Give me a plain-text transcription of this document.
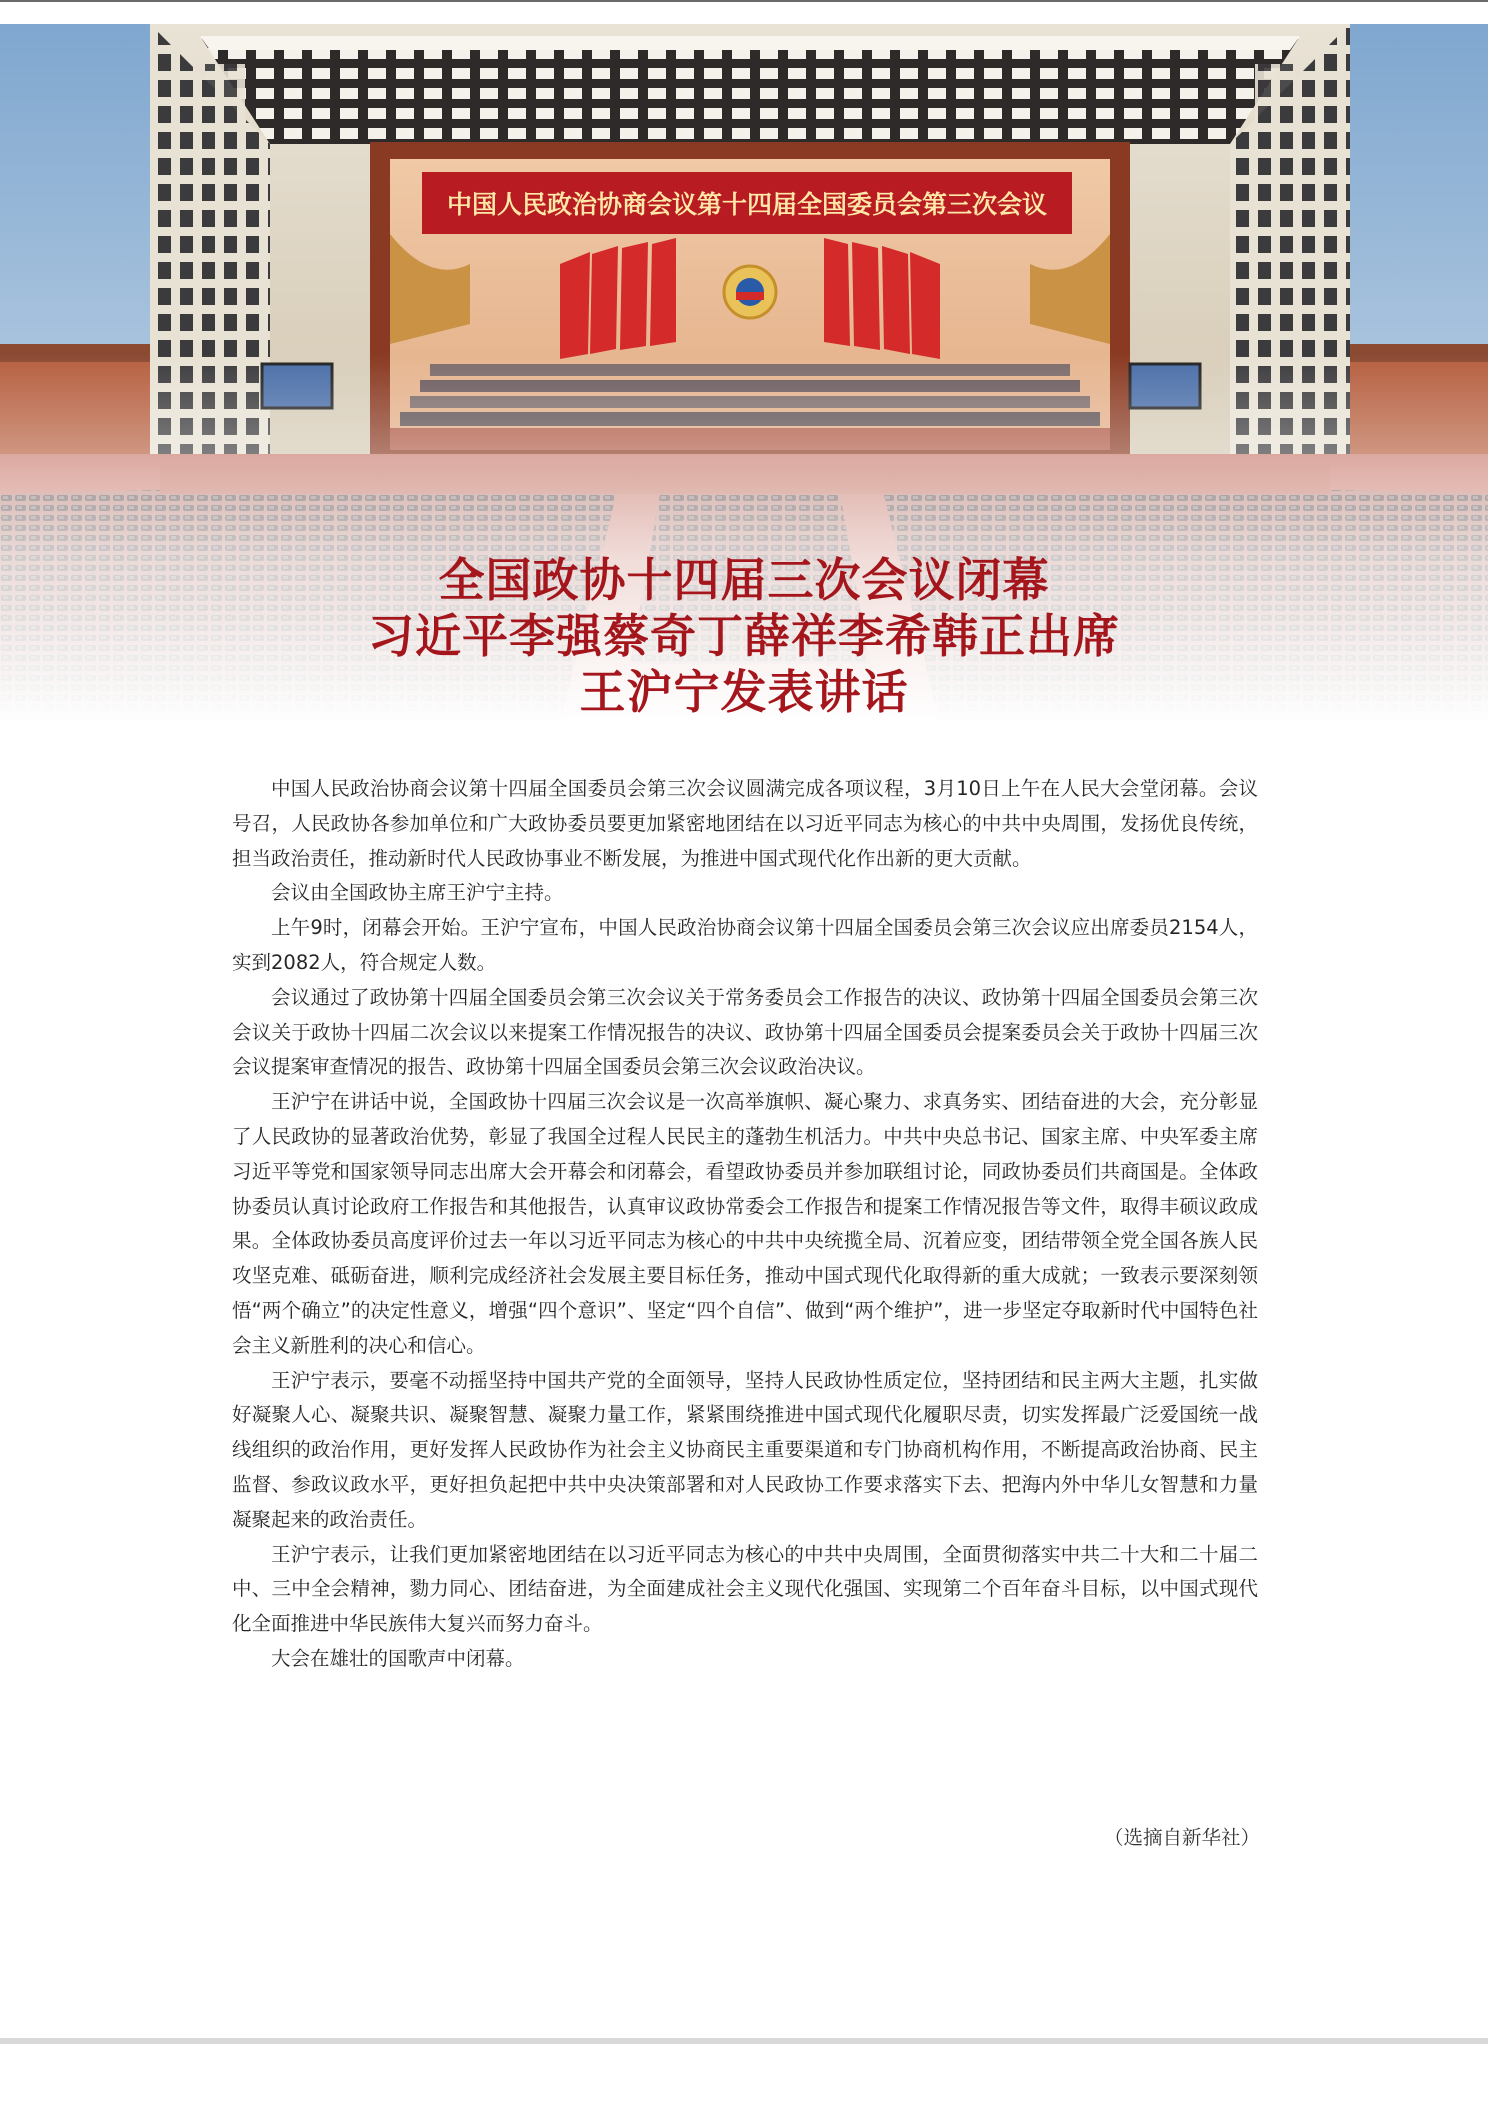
中国人民政治协商会议第十四届全国委员会第三次会议
全国政协十四届三次会议闭幕
习近平李强蔡奇丁薛祥李希韩正出席
王沪宁发表讲话

中国人民政治协商会议第十四届全国委员会第三次会议圆满完成各项议程，3月10日上午在人民大会堂闭幕。会议号召，人民政协各参加单位和广大政协委员要更加紧密地团结在以习近平同志为核心的中共中央周围，发扬优良传统，担当政治责任，推动新时代人民政协事业不断发展，为推进中国式现代化作出新的更大贡献。

会议由全国政协主席王沪宁主持。

上午9时，闭幕会开始。王沪宁宣布，中国人民政治协商会议第十四届全国委员会第三次会议应出席委员2154人，实到2082人，符合规定人数。

会议通过了政协第十四届全国委员会第三次会议关于常务委员会工作报告的决议、政协第十四届全国委员会第三次会议关于政协十四届二次会议以来提案工作情况报告的决议、政协第十四届全国委员会提案委员会关于政协十四届三次会议提案审查情况的报告、政协第十四届全国委员会第三次会议政治决议。

王沪宁在讲话中说，全国政协十四届三次会议是一次高举旗帜、凝心聚力、求真务实、团结奋进的大会，充分彰显了人民政协的显著政治优势，彰显了我国全过程人民民主的蓬勃生机活力。中共中央总书记、国家主席、中央军委主席习近平等党和国家领导同志出席大会开幕会和闭幕会，看望政协委员并参加联组讨论，同政协委员们共商国是。全体政协委员认真讨论政府工作报告和其他报告，认真审议政协常委会工作报告和提案工作情况报告等文件，取得丰硕议政成果。全体政协委员高度评价过去一年以习近平同志为核心的中共中央统揽全局、沉着应变，团结带领全党全国各族人民攻坚克难、砥砺奋进，顺利完成经济社会发展主要目标任务，推动中国式现代化取得新的重大成就；一致表示要深刻领悟“两个确立”的决定性意义，增强“四个意识”、坚定“四个自信”、做到“两个维护”，进一步坚定夺取新时代中国特色社会主义新胜利的决心和信心。

王沪宁表示，要毫不动摇坚持中国共产党的全面领导，坚持人民政协性质定位，坚持团结和民主两大主题，扎实做好凝聚人心、凝聚共识、凝聚智慧、凝聚力量工作，紧紧围绕推进中国式现代化履职尽责，切实发挥最广泛爱国统一战线组织的政治作用，更好发挥人民政协作为社会主义协商民主重要渠道和专门协商机构作用，不断提高政治协商、民主监督、参政议政水平，更好担负起把中共中央决策部署和对人民政协工作要求落实下去、把海内外中华儿女智慧和力量凝聚起来的政治责任。

王沪宁表示，让我们更加紧密地团结在以习近平同志为核心的中共中央周围，全面贯彻落实中共二十大和二十届二中、三中全会精神，勠力同心、团结奋进，为全面建成社会主义现代化强国、实现第二个百年奋斗目标，以中国式现代化全面推进中华民族伟大复兴而努力奋斗。

大会在雄壮的国歌声中闭幕。

（选摘自新华社）
